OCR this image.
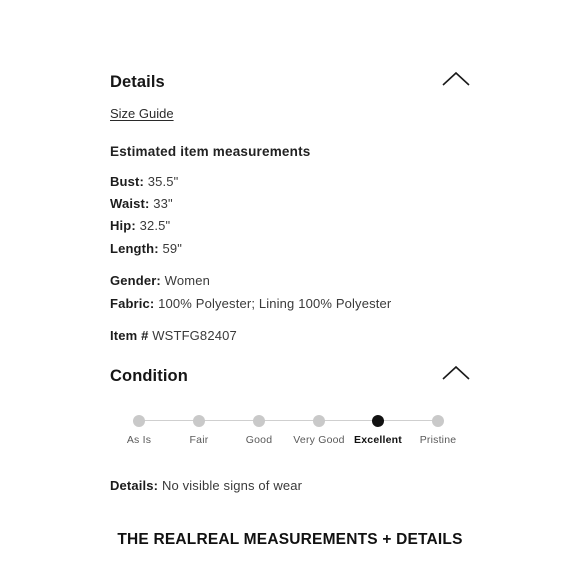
Details
Size Guide
Estimated item measurements
Bust: 35.5"
Waist: 33"
Hip: 32.5"
Length: 59"
Gender: Women
Fabric: 100% Polyester; Lining 100% Polyester
Item # WSTFG82407
Condition
As Is	Fair	Good Very Good Excellent Pristine
Details: No visible signs of wear
THE REALREAL MEASUREMENTS + DETAILS
